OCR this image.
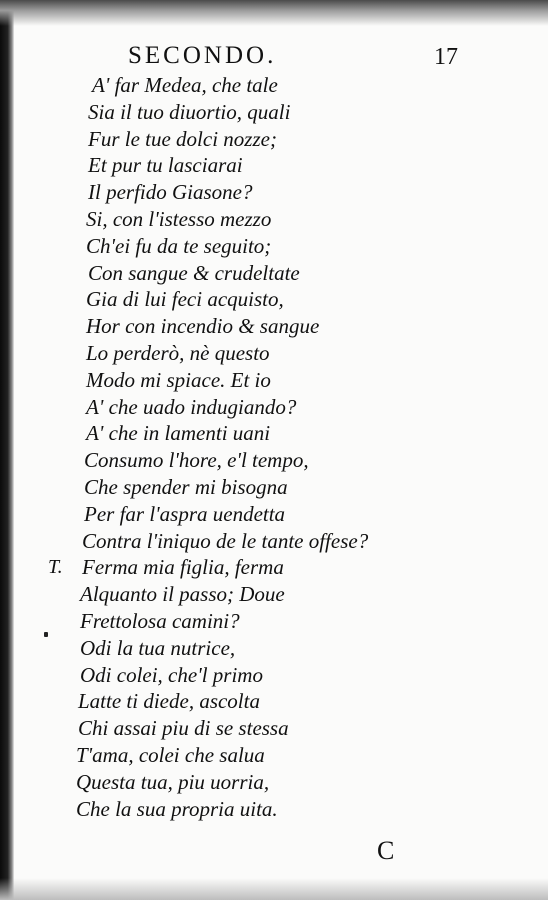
SECONDO.	17
A' far Medea, che tale
Sia il tuo diuortio, quali
Fur le tue dolci nozze;
Et pur tu lasciarai
Il perfido Giasone?
Si, con l'istesso mezzo
Ch'ei fu da te seguito;
Con sangue & crudeltate
Gia di lui feci acquisto,
Hor con incendio & sangue
Lo perderò, nè questo
Modo mi spiace. Et io
A' che uado indugiando?
A' che in lamenti uani
Consumo l'hore, e'l tempo,
Che spender mi bisogna
Per far l'aspra uendetta
Contra l'iniquo de le tante offese?
T. Ferma mia figlia, ferma
Alquanto il passo; Doue
Frettolosa camini?
Odi la tua nutrice,
Odi colei, che'l primo
Latte ti diede, ascolta
Chi assai piu di se stessa
T'ama, colei che salua
Questa tua, piu uorria,
Che la sua propria uita.
C
